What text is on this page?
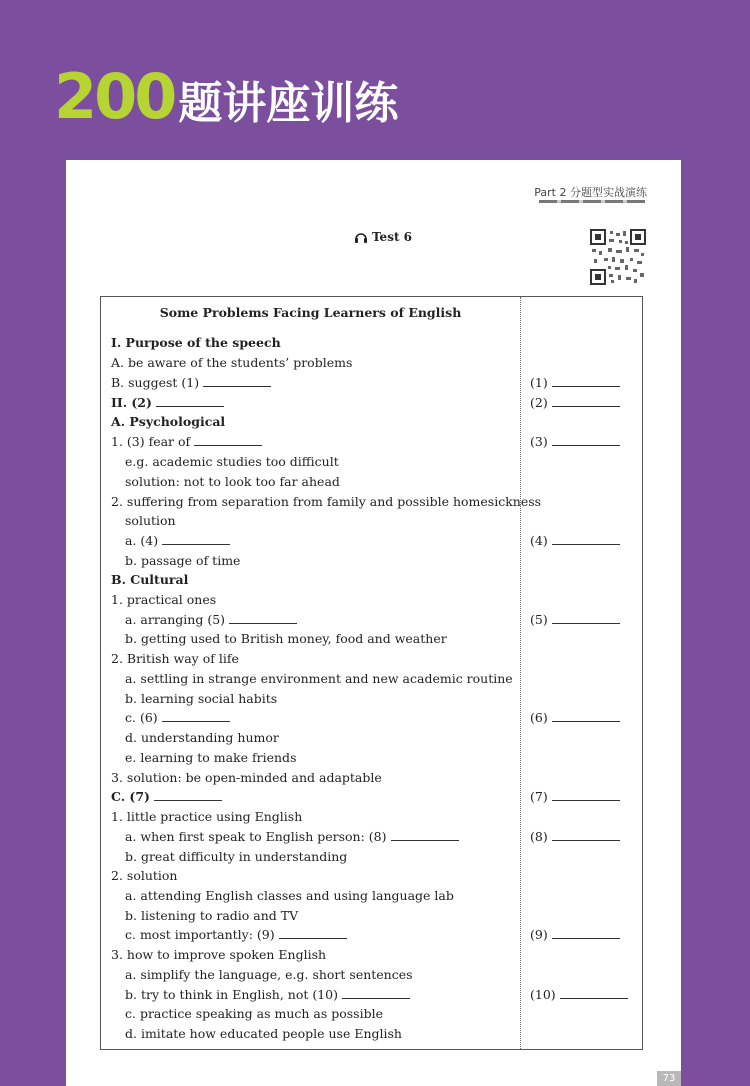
200 题讲座训练
Part 2 分题型实战演练
Test 6
Some Problems Facing Learners of English
I. Purpose of the speech
A. be aware of the students’ problems
B. suggest (1)
II. (2)
A. Psychological
1. (3) fear of
e.g. academic studies too difficult
solution: not to look too far ahead
2. suffering from separation from family and possible homesickness
solution
a. (4)
b. passage of time
B. Cultural
1. practical ones
a. arranging (5)
b. getting used to British money, food and weather
2. British way of life
a. settling in strange environment and new academic routine
b. learning social habits
c. (6)
d. understanding humor
e. learning to make friends
3. solution: be open-minded and adaptable
C. (7)
1. little practice using English
a. when first speak to English person: (8)
b. great difficulty in understanding
2. solution
a. attending English classes and using language lab
b. listening to radio and TV
c. most importantly: (9)
3. how to improve spoken English
a. simplify the language, e.g. short sentences
b. try to think in English, not (10)
c. practice speaking as much as possible
d. imitate how educated people use English
(1)
(2)
(3)
(4)
(5)
(6)
(7)
(8)
(9)
(10)
73
